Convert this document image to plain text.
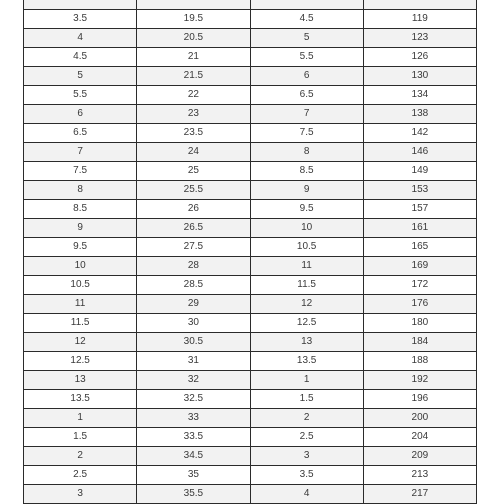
3.5	19.5	4.5	119
4	20.5	5	123
4.5	21	5.5	126
5	21.5	6	130
5.5	22	6.5	134
6	23	7	138
6.5	23.5	7.5	142
7	24	8	146
7.5	25	8.5	149
8	25.5	9	153
8.5	26	9.5	157
9	26.5	10	161
9.5	27.5	10.5	165
10	28	11	169
10.5	28.5	11.5	172
11	29	12	176
11.5	30	12.5	180
12	30.5	13	184
12.5	31	13.5	188
13	32	1	192
13.5	32.5	1.5	196
1	33	2	200
1.5	33.5	2.5	204
2	34.5	3	209
2.5	35	3.5	213
3	35.5	4	217
